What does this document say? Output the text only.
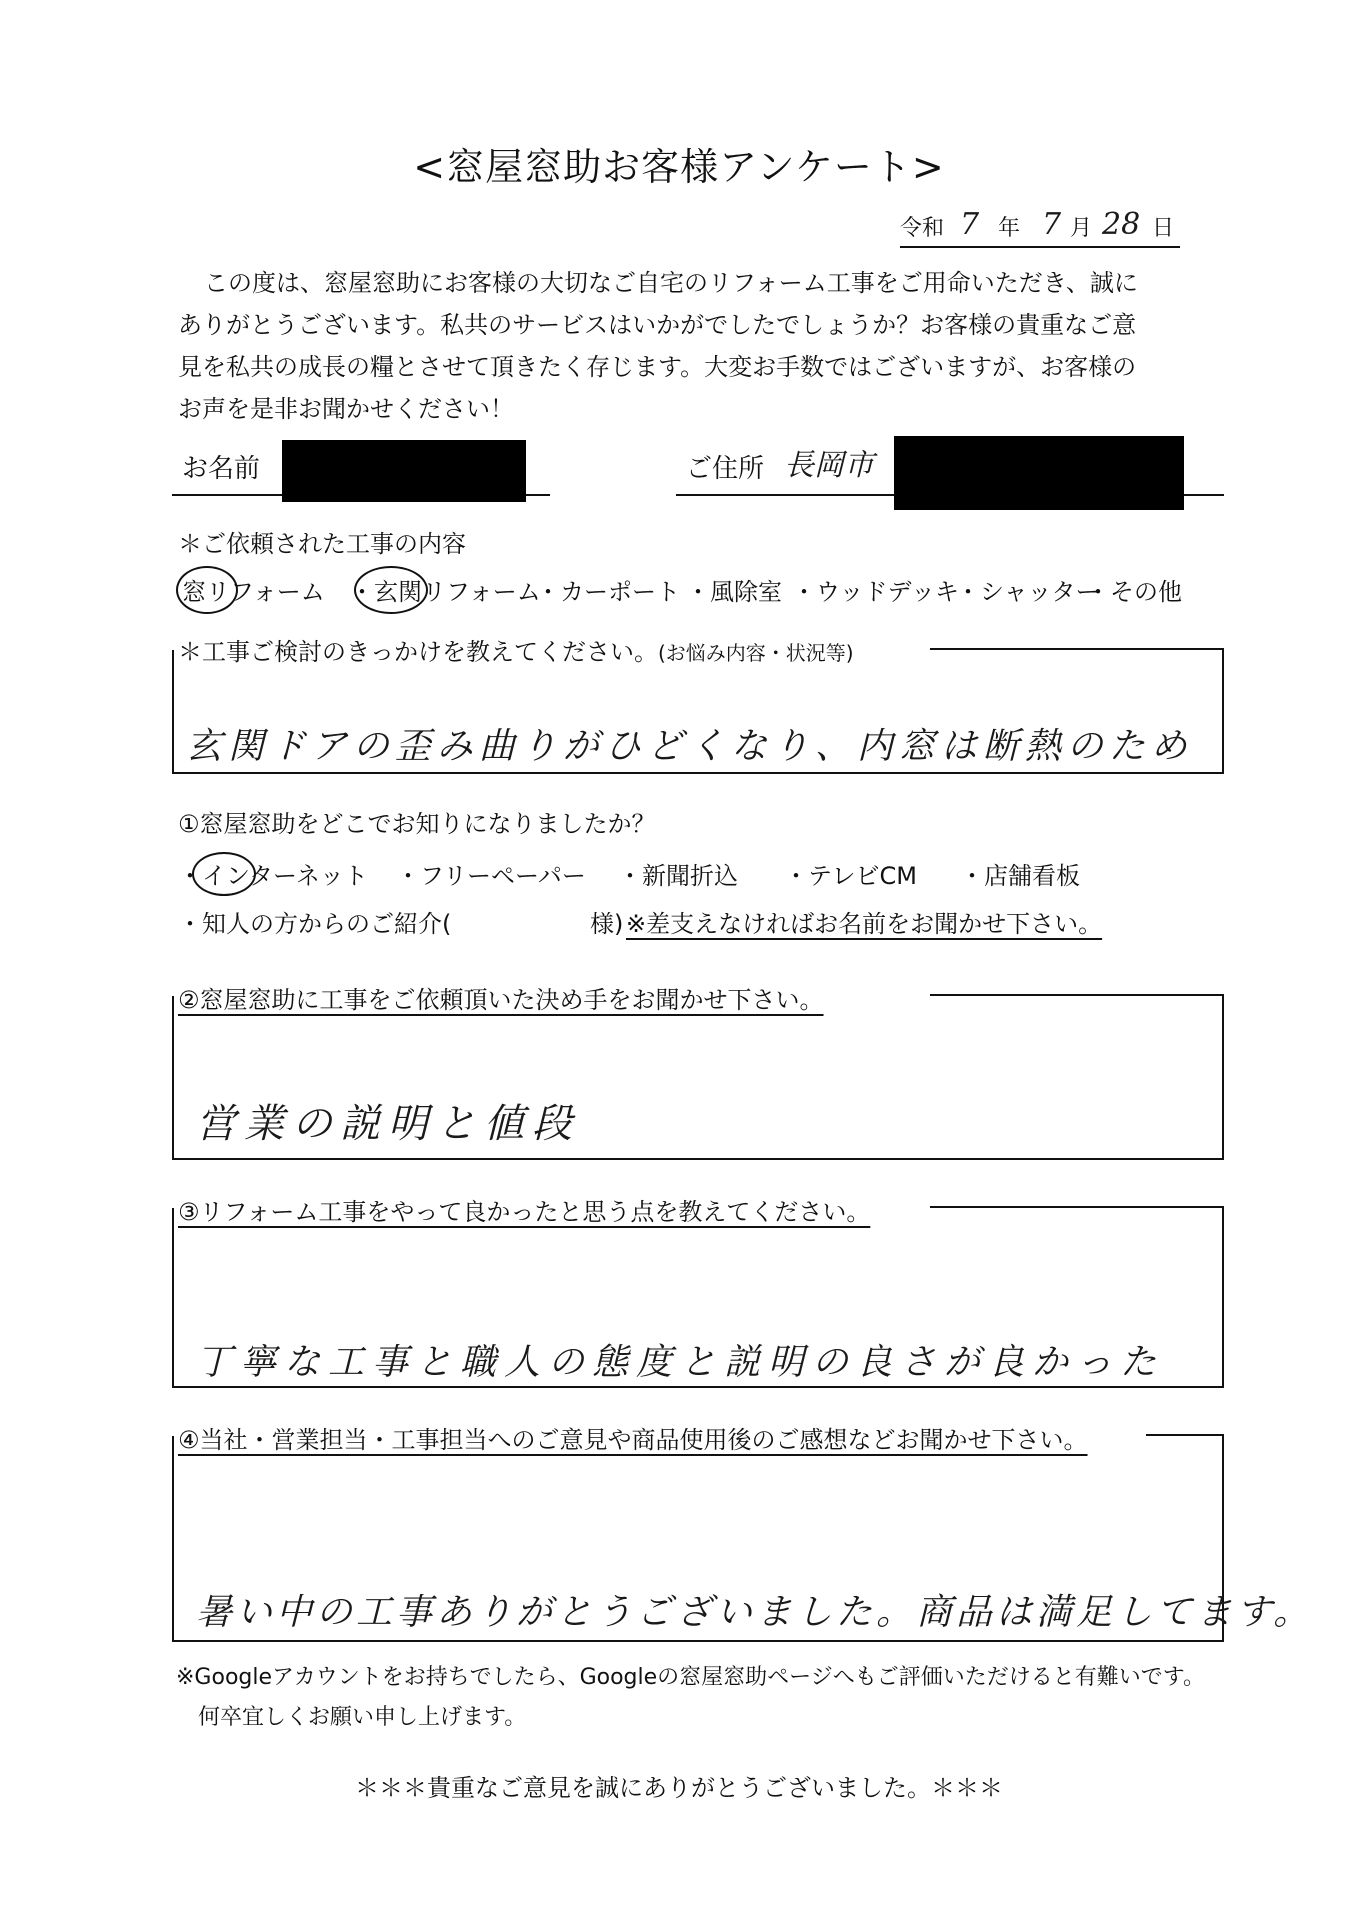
<窓屋窓助お客様アンケート>
令和 7 年 7 月 28 日

この度は、窓屋窓助にお客様の大切なご自宅のリフォーム工事をご用命いただき、誠に
ありがとうございます。私共のサービスはいかがでしたでしょうか？お客様の貴重なご意
見を私共の成長の糧とさせて頂きたく存じます。大変お手数ではございますが、お客様の
お声を是非お聞かせください！

お名前	ご住所 長岡市
＊ご依頼された工事の内容
窓リフォーム ・玄関リフォーム
・カーポート ・風除室 ・ウッドデッキ
・シャッター
・その他
＊工事ご検討のきっかけを教えてください。(お悩み内容・状況等)
玄関ドアの歪み曲りがひどくなり、内窓は断熱のため
①窓屋窓助をどこでお知りになりましたか？
・インターネット ・フリーペーパー ・新聞折込 ・テレビCM ・店舗看板
・知人の方からのご紹介(	様) ※差支えなければお名前をお聞かせ下さい。
②窓屋窓助に工事をご依頼頂いた決め手をお聞かせ下さい。
営業の説明と値段
③リフォーム工事をやって良かったと思う点を教えてください。
丁寧な工事と職人の態度と説明の良さが良かった
④当社・営業担当・工事担当へのご意見や商品使用後のご感想などお聞かせ下さい。
暑い中の工事ありがとうございました。商品は満足してます。
※Googleアカウントをお持ちでしたら、Googleの窓屋窓助ページへもご評価いただけると有難いです。
何卒宜しくお願い申し上げます。
＊＊＊貴重なご意見を誠にありがとうございました。＊＊＊
